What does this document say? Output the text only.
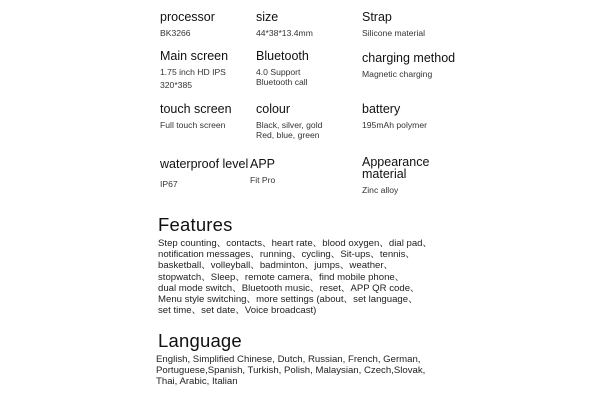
processor
BK3266
size
44*38*13.4mm
Strap
Silicone material
Main screen
1.75 inch HD IPS
320*385
Bluetooth
4.0 Support
Bluetooth call
charging method
Magnetic charging
touch screen
Full touch screen
colour
Black, silver, gold
Red, blue, green
battery
195mAh polymer
waterproof level
IP67
APP
Fit Pro
Appearance
material
Zinc alloy
Features
Step counting、contacts、heart rate、blood oxygen、dial pad、
notification messages、running、cycling、Sit-ups、tennis、
basketball、volleyball、badminton、jumps、weather、
stopwatch、Sleep、remote camera、find mobile phone、
dual mode switch、Bluetooth music、reset、APP QR code、
Menu style switching、more settings (about、set language、
set time、set date、Voice broadcast)
Language
English, Simplified Chinese, Dutch, Russian, French, German,
Portuguese,Spanish, Turkish, Polish, Malaysian, Czech,Slovak,
Thai, Arabic, Italian
